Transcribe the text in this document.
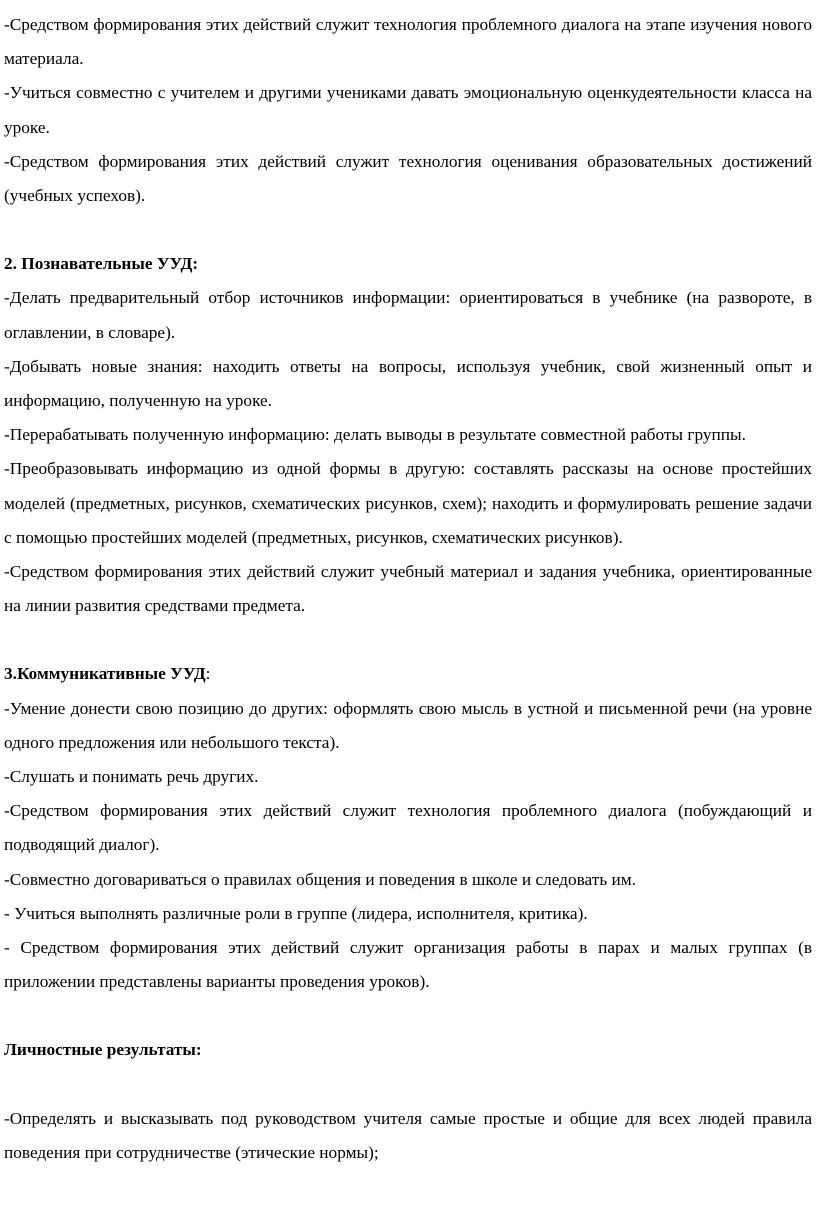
-Средством формирования этих действий служит технология проблемного диалога на этапе изучения нового материала.

-Учиться совместно с учителем и другими учениками давать эмоциональную оценкудеятельности класса на уроке.

-Средством формирования этих действий служит технология оценивания образовательных достижений (учебных успехов).

2. Познавательные УУД:

-Делать предварительный отбор источников информации: ориентироваться в учебнике (на развороте, в оглавлении, в словаре).

-Добывать новые знания: находить ответы на вопросы, используя учебник, свой жизненный опыт и информацию, полученную на уроке.

-Перерабатывать полученную информацию: делать выводы в результате совместной работы группы.

-Преобразовывать информацию из одной формы в другую: составлять рассказы на основе простейших моделей (предметных, рисунков, схематических рисунков, схем); находить и формулировать решение задачи с помощью простейших моделей (предметных, рисунков, схематических рисунков).

-Средством формирования этих действий служит учебный материал и задания учебника, ориентированные на линии развития средствами предмета.

3.Коммуникативные УУД:

-Умение донести свою позицию до других: оформлять свою мысль в устной и письменной речи (на уровне одного предложения или небольшого текста).

-Слушать и понимать речь других.

-Средством формирования этих действий служит технология проблемного диалога (побуждающий и подводящий диалог).

-Совместно договариваться о правилах общения и поведения в школе и следовать им.

- Учиться выполнять различные роли в группе (лидера, исполнителя, критика).

- Средством формирования этих действий служит организация работы в парах и малых группах (в приложении представлены варианты проведения уроков).

Личностные результаты:

-Определять и высказывать под руководством учителя самые простые и общие для всех людей правила поведения при сотрудничестве (этические нормы);
